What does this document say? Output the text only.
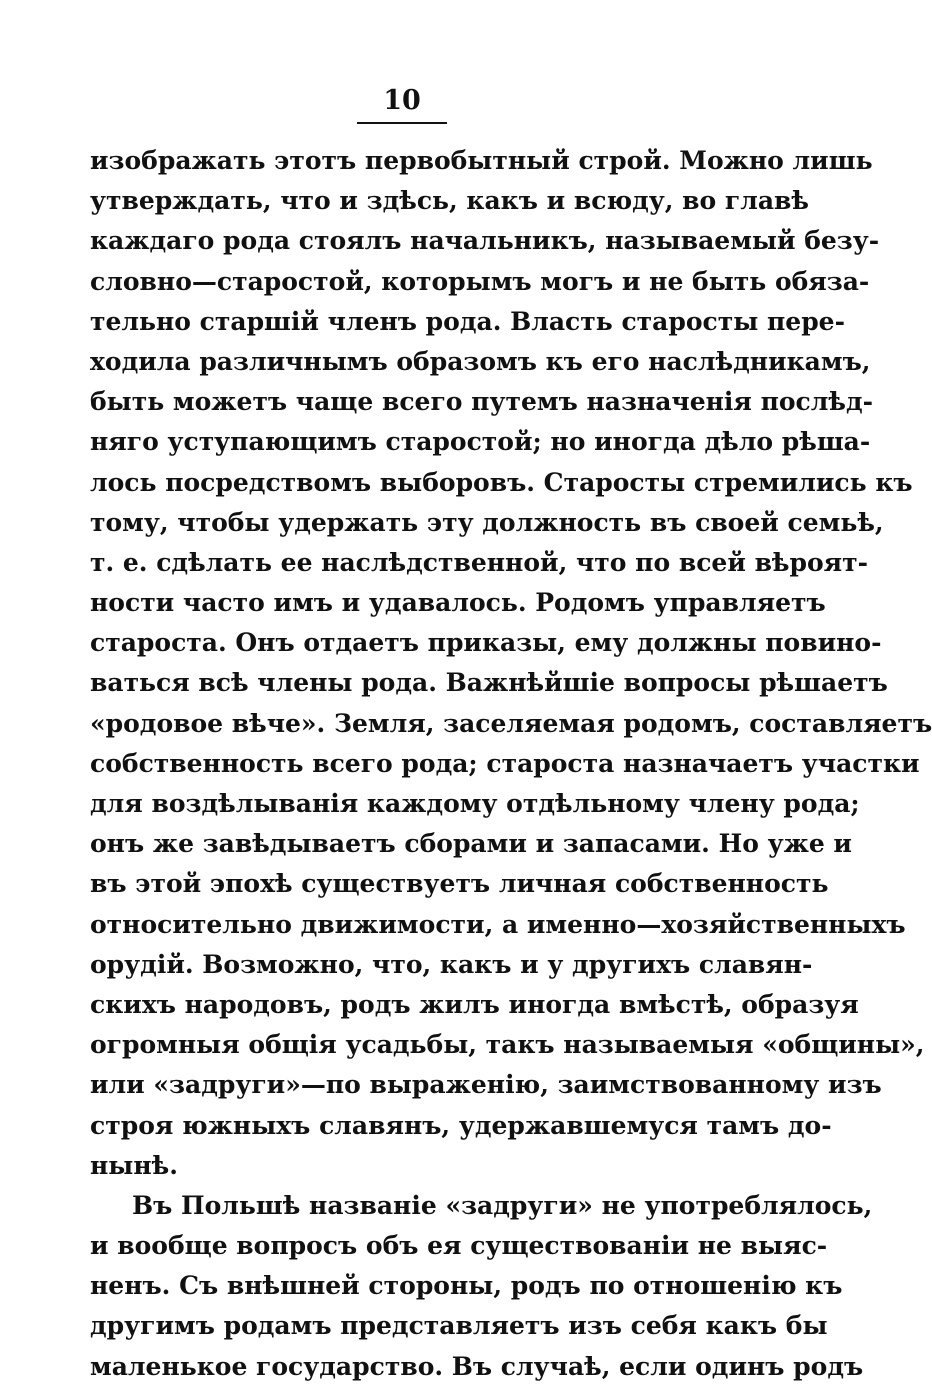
10
изображать этотъ первобытный строй. Можно лишь
утверждать, что и здѣсь, какъ и всюду, во главѣ
каждаго рода стоялъ начальникъ, называемый безу-
словно—старостой, которымъ могъ и не быть обяза-
тельно старшій членъ рода. Власть старосты пере-
ходила различнымъ образомъ къ его наслѣдникамъ,
быть можетъ чаще всего путемъ назначенія послѣд-
няго уступающимъ старостой; но иногда дѣло рѣша-
лось посредствомъ выборовъ. Старосты стремились къ
тому, чтобы удержать эту должность въ своей семьѣ,
т. е. сдѣлать ее наслѣдственной, что по всей вѣроят-
ности часто имъ и удавалось. Родомъ управляетъ
староста. Онъ отдаетъ приказы, ему должны повино-
ваться всѣ члены рода. Важнѣйшіе вопросы рѣшаетъ
«родовое вѣче». Земля, заселяемая родомъ, составляетъ
собственность всего рода; староста назначаетъ участки
для воздѣлыванія каждому отдѣльному члену рода;
онъ же завѣдываетъ сборами и запасами. Но уже и
въ этой эпохѣ существуетъ личная собственность
относительно движимости, а именно—хозяйственныхъ
орудій. Возможно, что, какъ и у другихъ славян-
скихъ народовъ, родъ жилъ иногда вмѣстѣ, образуя
огромныя общія усадьбы, такъ называемыя «общины»,
или «задруги»—по выраженію, заимствованному изъ
строя южныхъ славянъ, удержавшемуся тамъ до-
нынѣ.
Въ Польшѣ названіе «задруги» не употреблялось,
и вообще вопросъ объ ея существованіи не выяс-
ненъ. Съ внѣшней стороны, родъ по отношенію къ
другимъ родамъ представляетъ изъ себя какъ бы
маленькое государство. Въ случаѣ, если одинъ родъ
